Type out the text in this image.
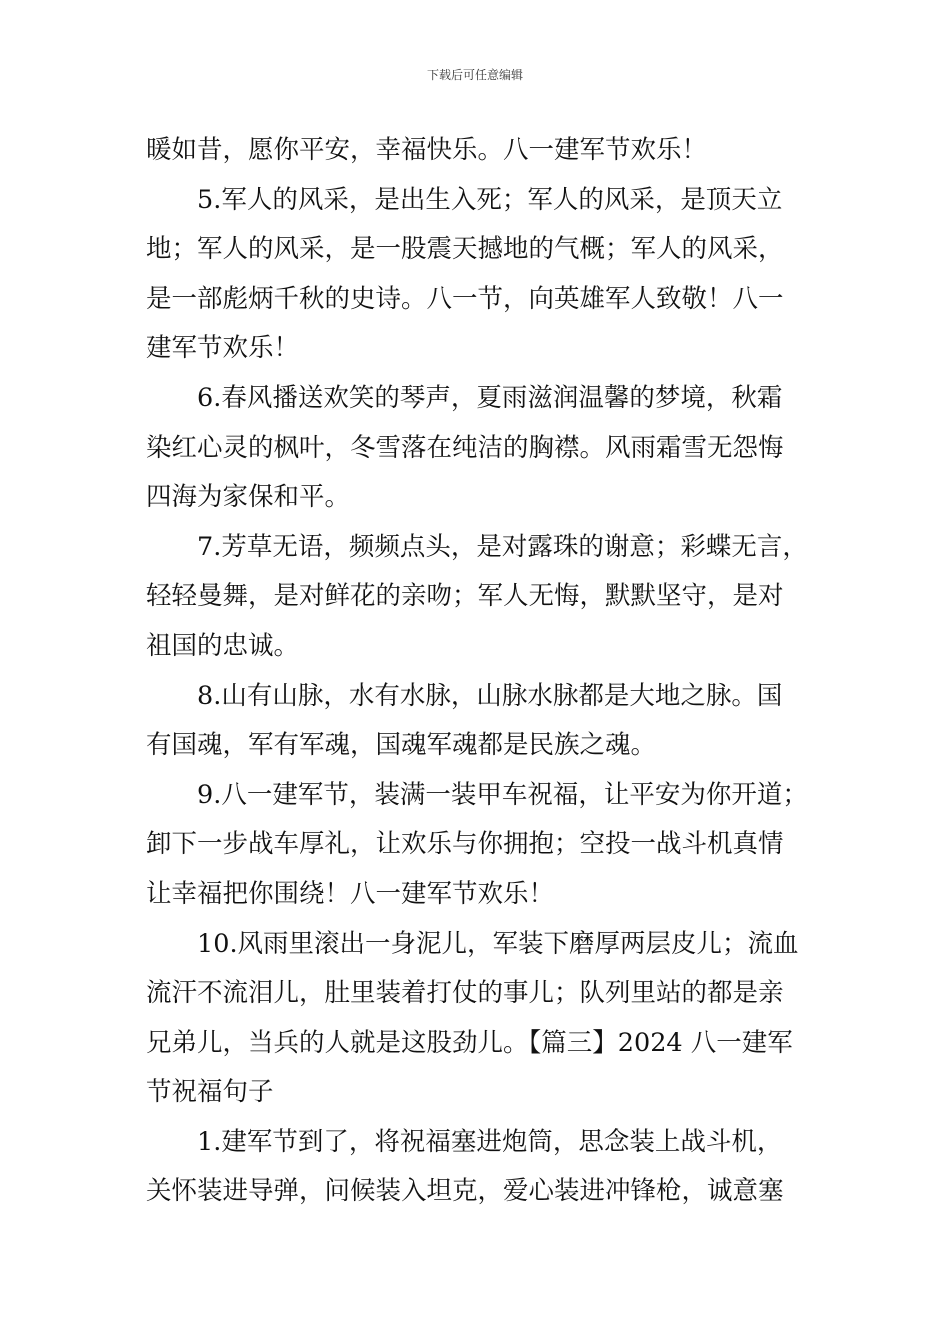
下载后可任意编辑
暖如昔，愿你平安，幸福快乐。八一建军节欢乐！
5.军人的风采，是出生入死；军人的风采，是顶天立
地；军人的风采，是一股震天撼地的气概；军人的风采，
是一部彪炳千秋的史诗。八一节，向英雄军人致敬！八一
建军节欢乐！
6.春风播送欢笑的琴声，夏雨滋润温馨的梦境，秋霜
染红心灵的枫叶，冬雪落在纯洁的胸襟。风雨霜雪无怨悔
四海为家保和平。
7.芳草无语，频频点头，是对露珠的谢意；彩蝶无言，
轻轻曼舞，是对鲜花的亲吻；军人无悔，默默坚守，是对
祖国的忠诚。
8.山有山脉，水有水脉，山脉水脉都是大地之脉。国
有国魂，军有军魂，国魂军魂都是民族之魂。
9.八一建军节，装满一装甲车祝福，让平安为你开道；
卸下一步战车厚礼，让欢乐与你拥抱；空投一战斗机真情
让幸福把你围绕！八一建军节欢乐！
10.风雨里滚出一身泥儿，军装下磨厚两层皮儿；流血
流汗不流泪儿，肚里装着打仗的事儿；队列里站的都是亲
兄弟儿，当兵的人就是这股劲儿。【篇三】2024 八一建军
节祝福句子
1.建军节到了，将祝福塞进炮筒，思念装上战斗机，
关怀装进导弹，问候装入坦克，爱心装进冲锋枪，诚意塞
